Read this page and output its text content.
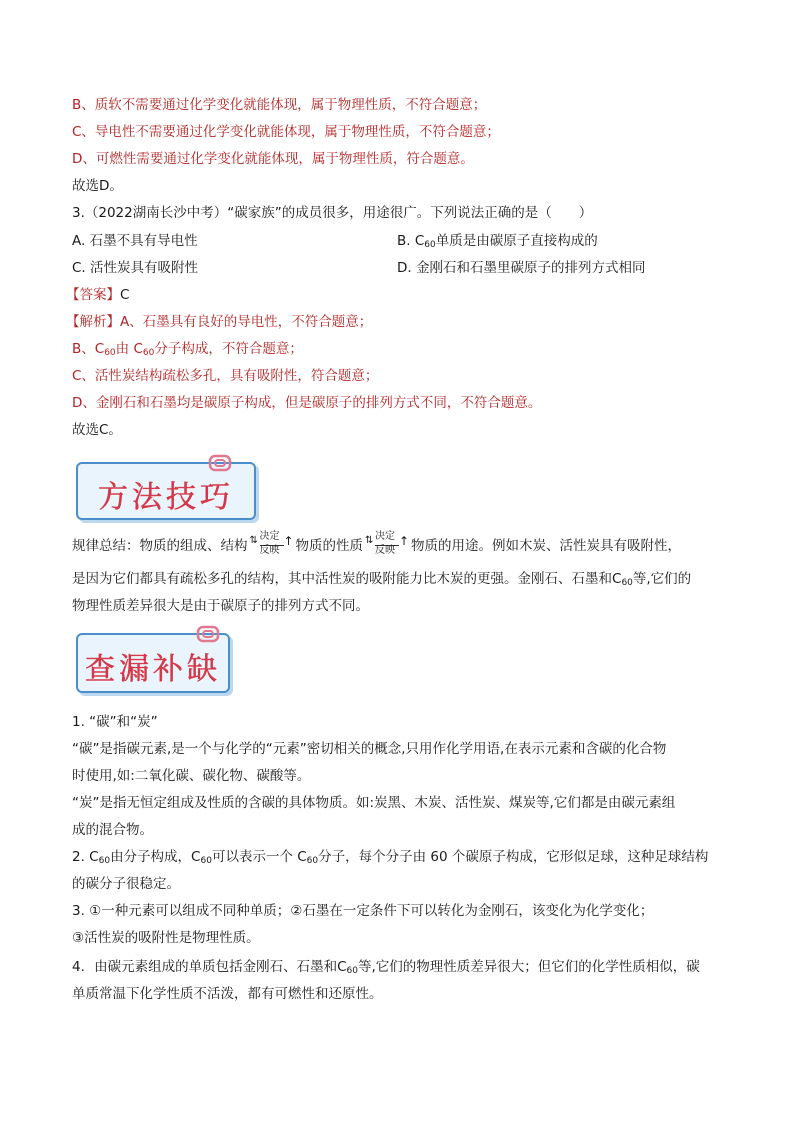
B、质软不需要通过化学变化就能体现，属于物理性质，不符合题意；
C、导电性不需要通过化学变化就能体现，属于物理性质，不符合题意；
D、可燃性需要通过化学变化就能体现，属于物理性质，符合题意。
故选D。
3.（2022湖南长沙中考）“碳家族”的成员很多，用途很广。下列说法正确的是（　　）
A. 石墨不具有导电性	B. $C_{60}$单质是由碳原子直接构成的
C. 活性炭具有吸附性	D. 金刚石和石墨里碳原子的排列方式相同
【答案】C
【解析】A、石墨具有良好的导电性，不符合题意；
B、$C_{60}$由 $C_{60}$分子构成，不符合题意；
C、活性炭结构疏松多孔，具有吸附性，符合题意；
D、金刚石和石墨均是碳原子构成，但是碳原子的排列方式不同，不符合题意。
故选C。
方法技巧
规律总结：物质的组成、结构 ⇅ 决定
反映
↑ 物质的性质 ⇅ 决定
反映
↑ 物质的用途。例如木炭、活性炭具有吸附性，
是因为它们都具有疏松多孔的结构，其中活性炭的吸附能力比木炭的更强。金刚石、石墨和$C_{60}$等,它们的
物理性质差异很大是由于碳原子的排列方式不同。
查漏补缺
1. “碳”和“炭”
“碳”是指碳元素,是一个与化学的“元素”密切相关的概念,只用作化学用语,在表示元素和含碳的化合物
时使用,如:二氧化碳、碳化物、碳酸等。
“炭”是指无恒定组成及性质的含碳的具体物质。如:炭黑、木炭、活性炭、煤炭等,它们都是由碳元素组
成的混合物。
2. $C_{60}$由分子构成，$C_{60}$可以表示一个 $C_{60}$分子，每个分子由 60 个碳原子构成，它形似足球，这种足球结构
的碳分子很稳定。
3. ①一种元素可以组成不同种单质；②石墨在一定条件下可以转化为金刚石，该变化为化学变化；
③活性炭的吸附性是物理性质。
4．由碳元素组成的单质包括金刚石、石墨和$C_{60}$等,它们的物理性质差异很大；但它们的化学性质相似，碳
单质常温下化学性质不活泼，都有可燃性和还原性。
